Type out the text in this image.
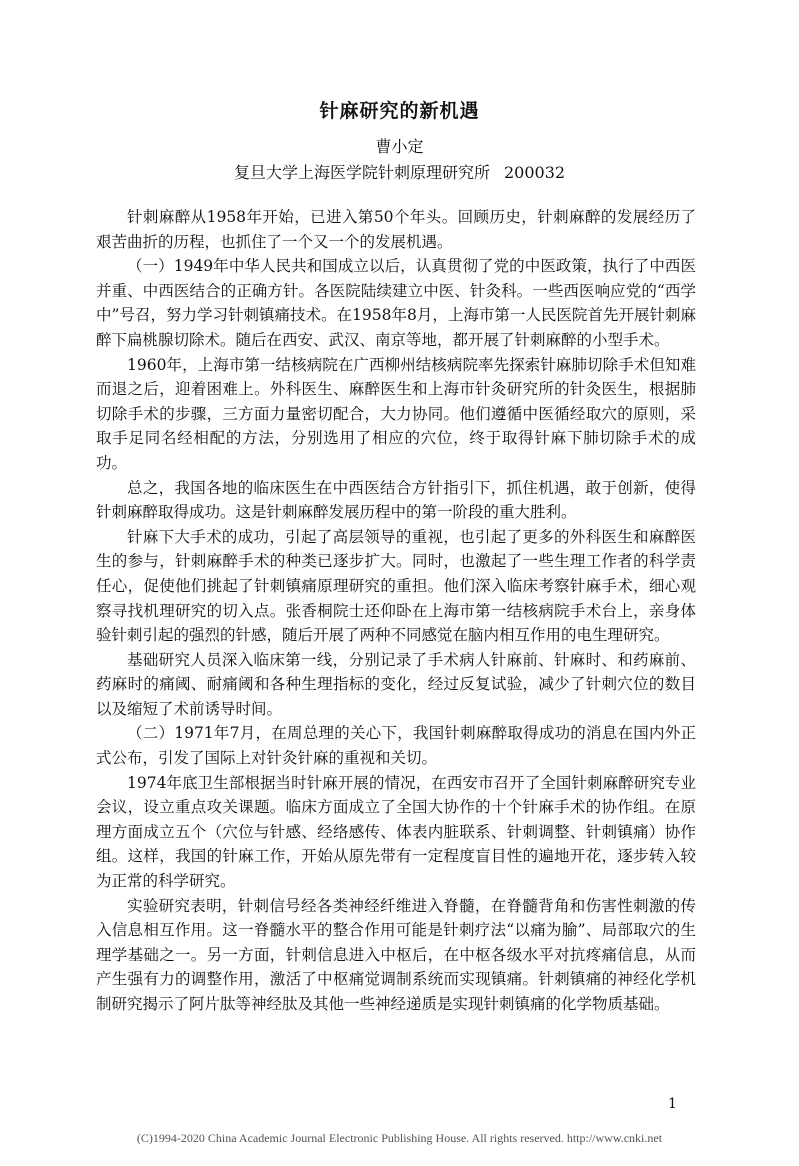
针麻研究的新机遇
曹小定
复旦大学上海医学院针刺原理研究所 200032

针刺麻醉从1958年开始，已进入第50个年头。回顾历史，针刺麻醉的发展经历了艰苦曲折的历程，也抓住了一个又一个的发展机遇。

（一）1949年中华人民共和国成立以后，认真贯彻了党的中医政策，执行了中西医并重、中西医结合的正确方针。各医院陆续建立中医、针灸科。一些西医响应党的“西学中”号召，努力学习针刺镇痛技术。在1958年8月，上海市第一人民医院首先开展针刺麻醉下扁桃腺切除术。随后在西安、武汉、南京等地，都开展了针刺麻醉的小型手术。

1960年，上海市第一结核病院在广西柳州结核病院率先探索针麻肺切除手术但知难而退之后，迎着困难上。外科医生、麻醉医生和上海市针灸研究所的针灸医生，根据肺切除手术的步骤，三方面力量密切配合，大力协同。他们遵循中医循经取穴的原则，采取手足同名经相配的方法，分别选用了相应的穴位，终于取得针麻下肺切除手术的成功。

总之，我国各地的临床医生在中西医结合方针指引下，抓住机遇，敢于创新，使得针刺麻醉取得成功。这是针刺麻醉发展历程中的第一阶段的重大胜利。

针麻下大手术的成功，引起了高层领导的重视，也引起了更多的外科医生和麻醉医生的参与，针刺麻醉手术的种类已逐步扩大。同时，也激起了一些生理工作者的科学责任心，促使他们挑起了针刺镇痛原理研究的重担。他们深入临床考察针麻手术，细心观察寻找机理研究的切入点。张香桐院士还仰卧在上海市第一结核病院手术台上，亲身体验针刺引起的强烈的针感，随后开展了两种不同感觉在脑内相互作用的电生理研究。

基础研究人员深入临床第一线，分别记录了手术病人针麻前、针麻时、和药麻前、药麻时的痛阈、耐痛阈和各种生理指标的变化，经过反复试验，减少了针刺穴位的数目以及缩短了术前诱导时间。

（二）1971年7月，在周总理的关心下，我国针刺麻醉取得成功的消息在国内外正式公布，引发了国际上对针灸针麻的重视和关切。

1974年底卫生部根据当时针麻开展的情况，在西安市召开了全国针刺麻醉研究专业会议，设立重点攻关课题。临床方面成立了全国大协作的十个针麻手术的协作组。在原理方面成立五个（穴位与针感、经络感传、体表内脏联系、针刺调整、针刺镇痛）协作组。这样，我国的针麻工作，开始从原先带有一定程度盲目性的遍地开花，逐步转入较为正常的科学研究。

实验研究表明，针刺信号经各类神经纤维进入脊髓，在脊髓背角和伤害性刺激的传入信息相互作用。这一脊髓水平的整合作用可能是针刺疗法“以痛为腧”、局部取穴的生理学基础之一。另一方面，针刺信息进入中枢后，在中枢各级水平对抗疼痛信息，从而产生强有力的调整作用，激活了中枢痛觉调制系统而实现镇痛。针刺镇痛的神经化学机制研究揭示了阿片肽等神经肽及其他一些神经递质是实现针刺镇痛的化学物质基础。

1
(C)1994-2020 China Academic Journal Electronic Publishing House. All rights reserved. http://www.cnki.net
